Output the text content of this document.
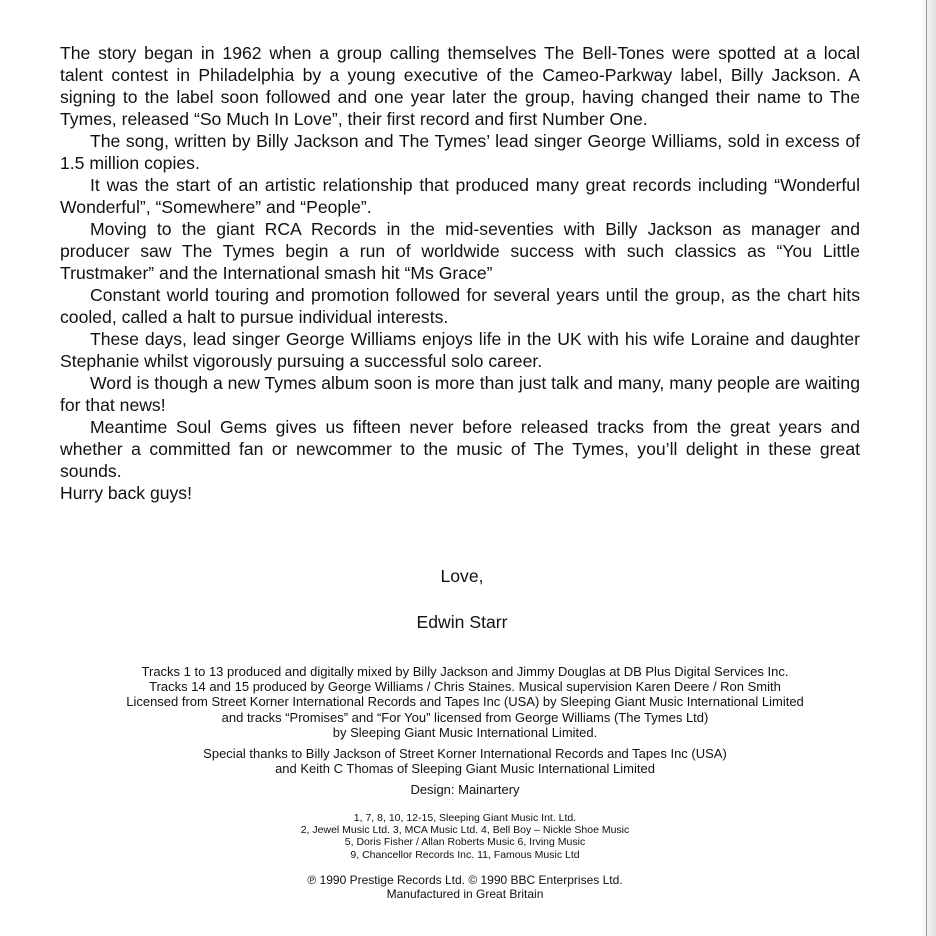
The story began in 1962 when a group calling themselves The Bell-Tones were spotted at a local talent contest in Philadelphia by a young executive of the Cameo-Parkway label, Billy Jackson. A signing to the label soon followed and one year later the group, having changed their name to The Tymes, released “So Much In Love”, their first record and first Number One.

The song, written by Billy Jackson and The Tymes’ lead singer George Williams, sold in excess of 1.5 million copies.

It was the start of an artistic relationship that produced many great records including “Wonderful Wonderful”, “Somewhere” and “People”.

Moving to the giant RCA Records in the mid-seventies with Billy Jackson as manager and producer saw The Tymes begin a run of worldwide success with such classics as “You Little Trustmaker” and the International smash hit “Ms Grace”

Constant world touring and promotion followed for several years until the group, as the chart hits cooled, called a halt to pursue individual interests.

These days, lead singer George Williams enjoys life in the UK with his wife Loraine and daughter Stephanie whilst vigorously pursuing a successful solo career.

Word is though a new Tymes album soon is more than just talk and many, many people are waiting for that news!

Meantime Soul Gems gives us fifteen never before released tracks from the great years and whether a committed fan or newcommer to the music of The Tymes, you’ll delight in these great sounds.

Hurry back guys!

Love,
Edwin Starr
Tracks 1 to 13 produced and digitally mixed by Billy Jackson and Jimmy Douglas at DB Plus Digital Services Inc.
Tracks 14 and 15 produced by George Williams / Chris Staines. Musical supervision Karen Deere / Ron Smith
Licensed from Street Korner International Records and Tapes Inc (USA) by Sleeping Giant Music International Limited
and tracks “Promises” and “For You” licensed from George Williams (The Tymes Ltd)
by Sleeping Giant Music International Limited.
Special thanks to Billy Jackson of Street Korner International Records and Tapes Inc (USA)
and Keith C Thomas of Sleeping Giant Music International Limited
Design: Mainartery
1, 7, 8, 10, 12-15, Sleeping Giant Music Int. Ltd.
2, Jewel Music Ltd. 3, MCA Music Ltd. 4, Bell Boy – Nickle Shoe Music
5, Doris Fisher / Allan Roberts Music 6, Irving Music
9, Chancellor Records Inc. 11, Famous Music Ltd
℗ 1990 Prestige Records Ltd. © 1990 BBC Enterprises Ltd.
Manufactured in Great Britain
